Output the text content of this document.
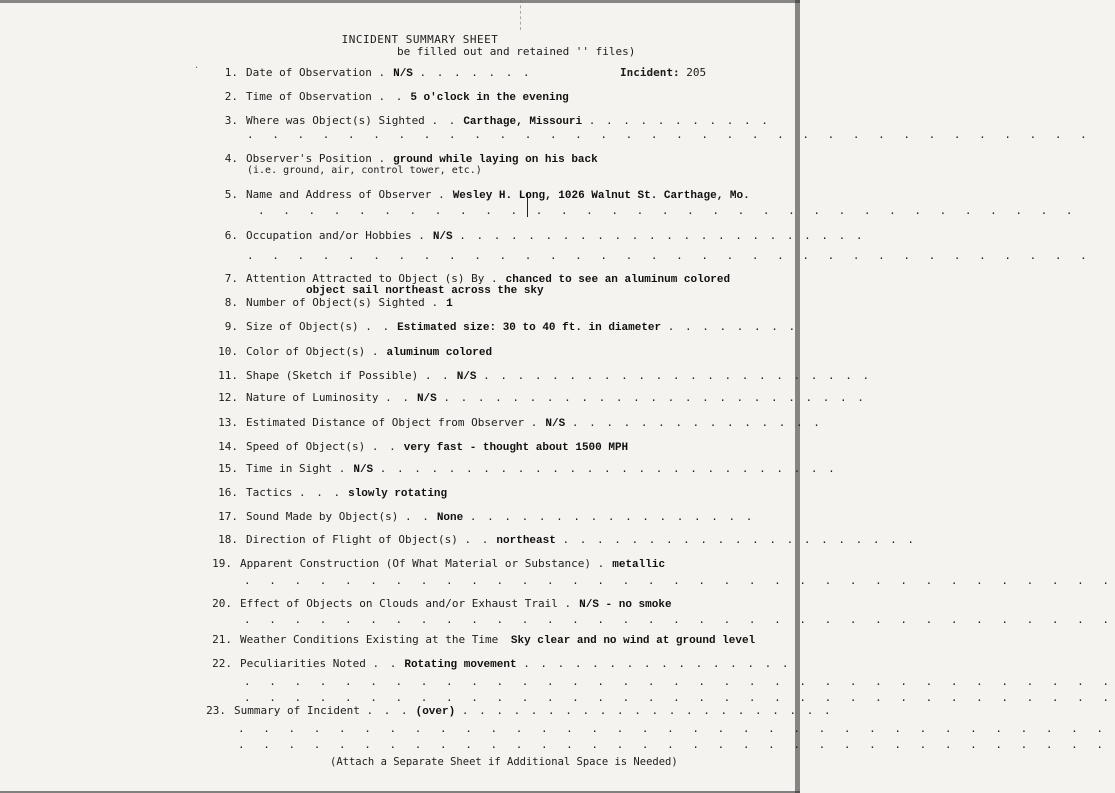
INCIDENT SUMMARY SHEET
be filled out and retained '' files)
‧	Incident: 205
1. Date of Observation . N/S . . . . . . .
2. Time of Observation . . 5 o'clock in the evening
3. Where was Object(s) Sighted . . Carthage, Missouri . . . . . . . . . . .
. . . . . . . . . . . . . . . . . . . . . . . . . . . . . . . . . .
4. Observer's Position . ground while laying on his back
(i.e. ground, air, control tower, etc.)
5. Name and Address of Observer . Wesley H. Long, 1026 Walnut St. Carthage, Mo.
. . . . . . . . . . . . . . . . . . . . . . . . . . . . . . . . .
6. Occupation and/or Hobbies . N/S . . . . . . . . . . . . . . . . . . . . . . . .
. . . . . . . . . . . . . . . . . . . . . . . . . . . . . . . . . .
7. Attention Attracted to Object (s) By . chanced to see an aluminum colored
object sail northeast across the sky
8. Number of Object(s) Sighted . 1
9. Size of Object(s) . . Estimated size: 30 to 40 ft. in diameter . . . . . . . .
10. Color of Object(s) . aluminum colored
11. Shape (Sketch if Possible) . . N/S . . . . . . . . . . . . . . . . . . . . . . .
12. Nature of Luminosity . . N/S . . . . . . . . . . . . . . . . . . . . . . . . .
13. Estimated Distance of Object from Observer . N/S . . . . . . . . . . . . . . .
14. Speed of Object(s) . . very fast - thought about 1500 MPH
15. Time in Sight . N/S . . . . . . . . . . . . . . . . . . . . . . . . . . .
16. Tactics . . . slowly rotating
17. Sound Made by Object(s) . . None . . . . . . . . . . . . . . . . .
18. Direction of Flight of Object(s) . . northeast . . . . . . . . . . . . . . . . . . . . .
19. Apparent Construction (Of What Material or Substance) . metallic
. . . . . . . . . . . . . . . . . . . . . . . . . . . . . . . . . . .
20. Effect of Objects on Clouds and/or Exhaust Trail . N/S - no smoke
. . . . . . . . . . . . . . . . . . . . . . . . . . . . . . . . . . .
21. Weather Conditions Existing at the Time Sky clear and no wind at ground level
22. Peculiarities Noted . . Rotating movement . . . . . . . . . . . . . . . .
. . . . . . . . . . . . . . . . . . . . . . . . . . . . . . . . . . .
. . . . . . . . . . . . . . . . . . . . . . . . . . . . . . . . . . .
23. Summary of Incident . . . (over) . . . . . . . . . . . . . . . . . . . . . .
. . . . . . . . . . . . . . . . . . . . . . . . . . . . . . . . . . .
. . . . . . . . . . . . . . . . . . . . . . . . . . . . . . . . . . .
(Attach a Separate Sheet if Additional Space is Needed)
